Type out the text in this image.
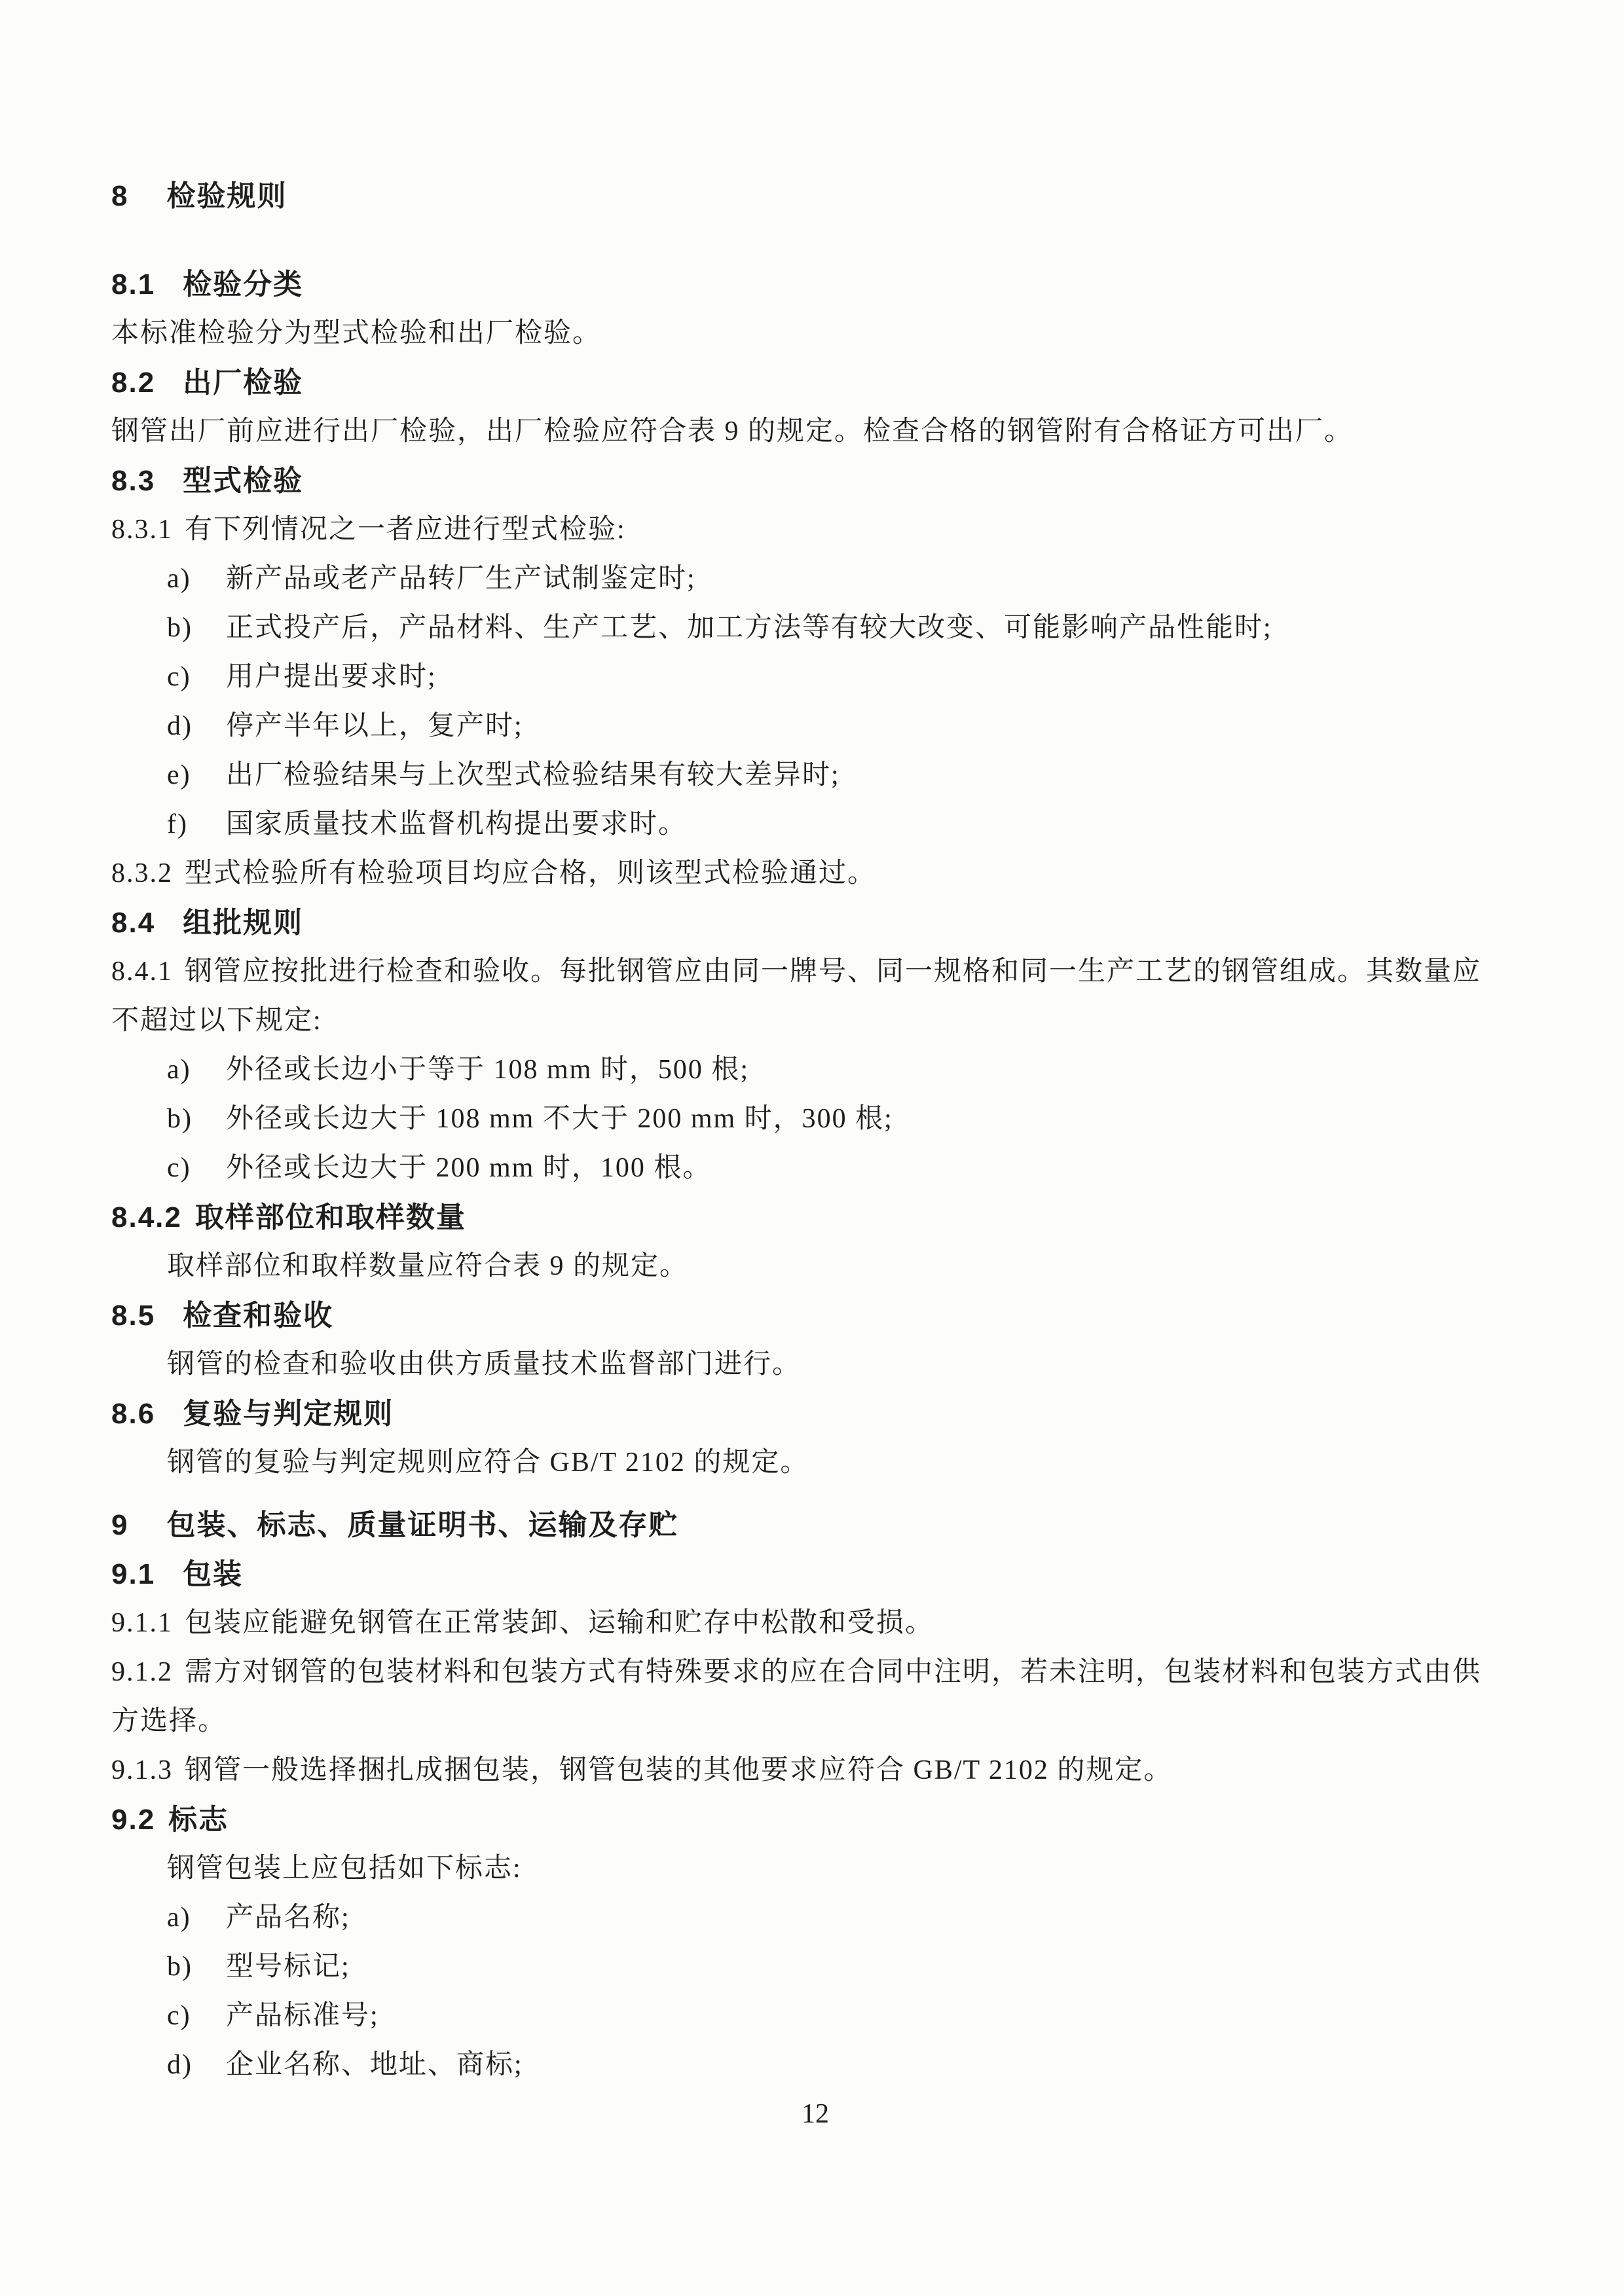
8 检验规则
8.1 检验分类
本标准检验分为型式检验和出厂检验。
8.2 出厂检验
钢管出厂前应进行出厂检验，出厂检验应符合表 9 的规定。检查合格的钢管附有合格证方可出厂。
8.3 型式检验
8.3.1 有下列情况之一者应进行型式检验:
a) 新产品或老产品转厂生产试制鉴定时;
b) 正式投产后，产品材料、生产工艺、加工方法等有较大改变、可能影响产品性能时;
c) 用户提出要求时;
d) 停产半年以上，复产时;
e) 出厂检验结果与上次型式检验结果有较大差异时;
f) 国家质量技术监督机构提出要求时。
8.3.2 型式检验所有检验项目均应合格，则该型式检验通过。
8.4 组批规则
8.4.1 钢管应按批进行检查和验收。每批钢管应由同一牌号、同一规格和同一生产工艺的钢管组成。其数量应
不超过以下规定:
a) 外径或长边小于等于 108 mm 时，500 根;
b) 外径或长边大于 108 mm 不大于 200 mm 时，300 根;
c) 外径或长边大于 200 mm 时，100 根。
8.4.2 取样部位和取样数量
取样部位和取样数量应符合表 9 的规定。
8.5 检查和验收
钢管的检查和验收由供方质量技术监督部门进行。
8.6 复验与判定规则
钢管的复验与判定规则应符合 GB/T 2102 的规定。
9 包装、标志、质量证明书、运输及存贮
9.1 包装
9.1.1 包装应能避免钢管在正常装卸、运输和贮存中松散和受损。
9.1.2 需方对钢管的包装材料和包装方式有特殊要求的应在合同中注明，若未注明，包装材料和包装方式由供
方选择。
9.1.3 钢管一般选择捆扎成捆包装，钢管包装的其他要求应符合 GB/T 2102 的规定。
9.2 标志
钢管包装上应包括如下标志:
a) 产品名称;
b) 型号标记;
c) 产品标准号;
d) 企业名称、地址、商标;
12
